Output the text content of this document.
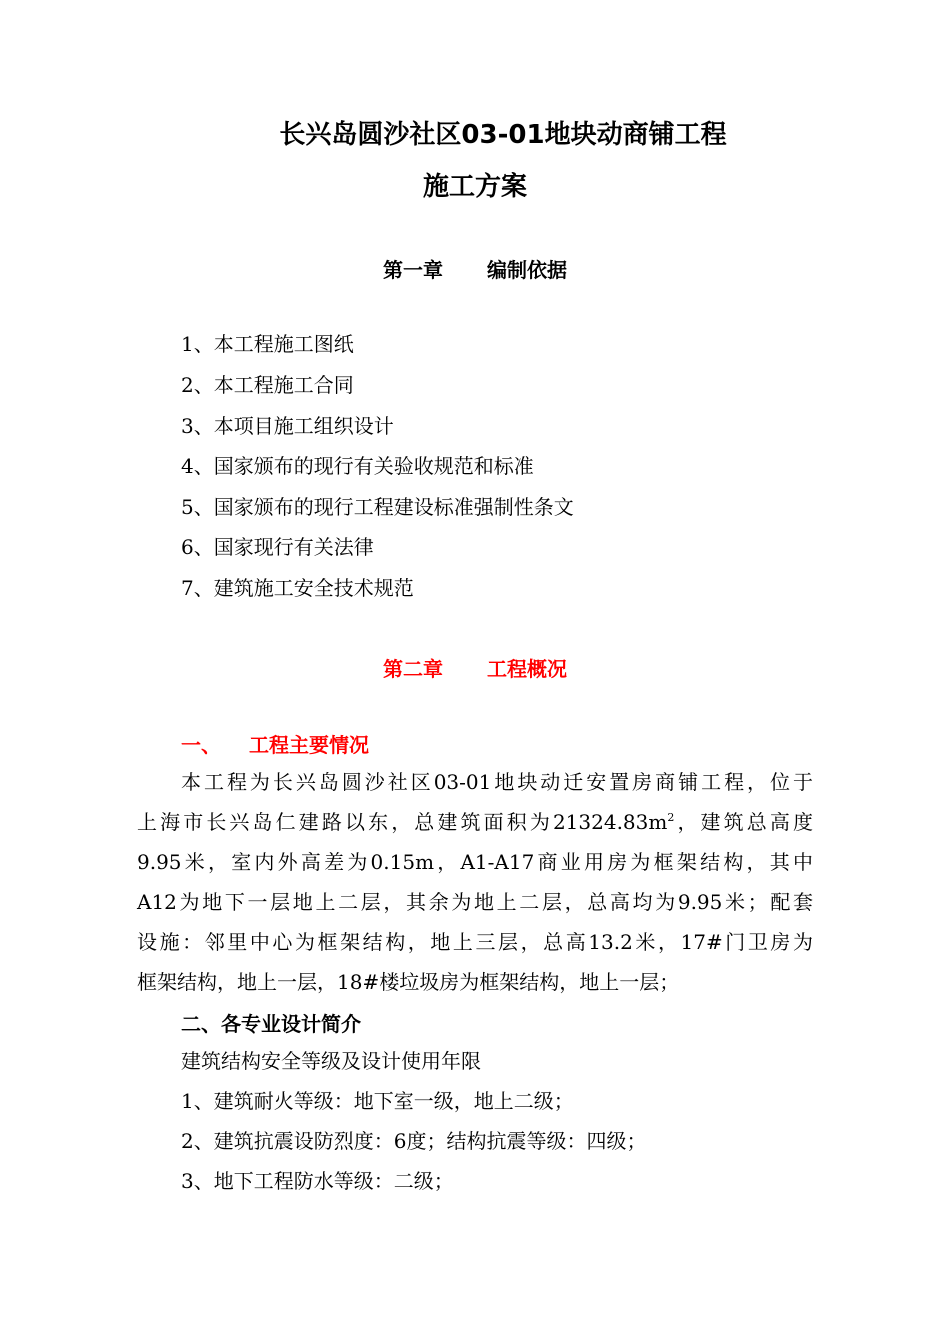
长兴岛圆沙社区03-01地块动商铺工程
施工方案
第一章 编制依据
1、本工程施工图纸
2、本工程施工合同
3、本项目施工组织设计
4、国家颁布的现行有关验收规范和标准
5、国家颁布的现行工程建设标准强制性条文
6、国家现行有关法律
7、建筑施工安全技术规范
第二章 工程概况
一、 工程主要情况
本工程为长兴岛圆沙社区03-01地块动迁安置房商铺工程，位于
上海市长兴岛仁建路以东，总建筑面积为$21324.83m^2$，建筑总高度
9.95米，室内外高差为0.15m，A1-A17商业用房为框架结构，其中
A12为地下一层地上二层，其余为地上二层，总高均为9.95米；配套
设施：邻里中心为框架结构，地上三层，总高13.2米，17#门卫房为
框架结构，地上一层，18#楼垃圾房为框架结构，地上一层；
二、各专业设计简介
建筑结构安全等级及设计使用年限
1、建筑耐火等级：地下室一级，地上二级；
2、建筑抗震设防烈度：6度；结构抗震等级：四级；
3、地下工程防水等级：二级；
